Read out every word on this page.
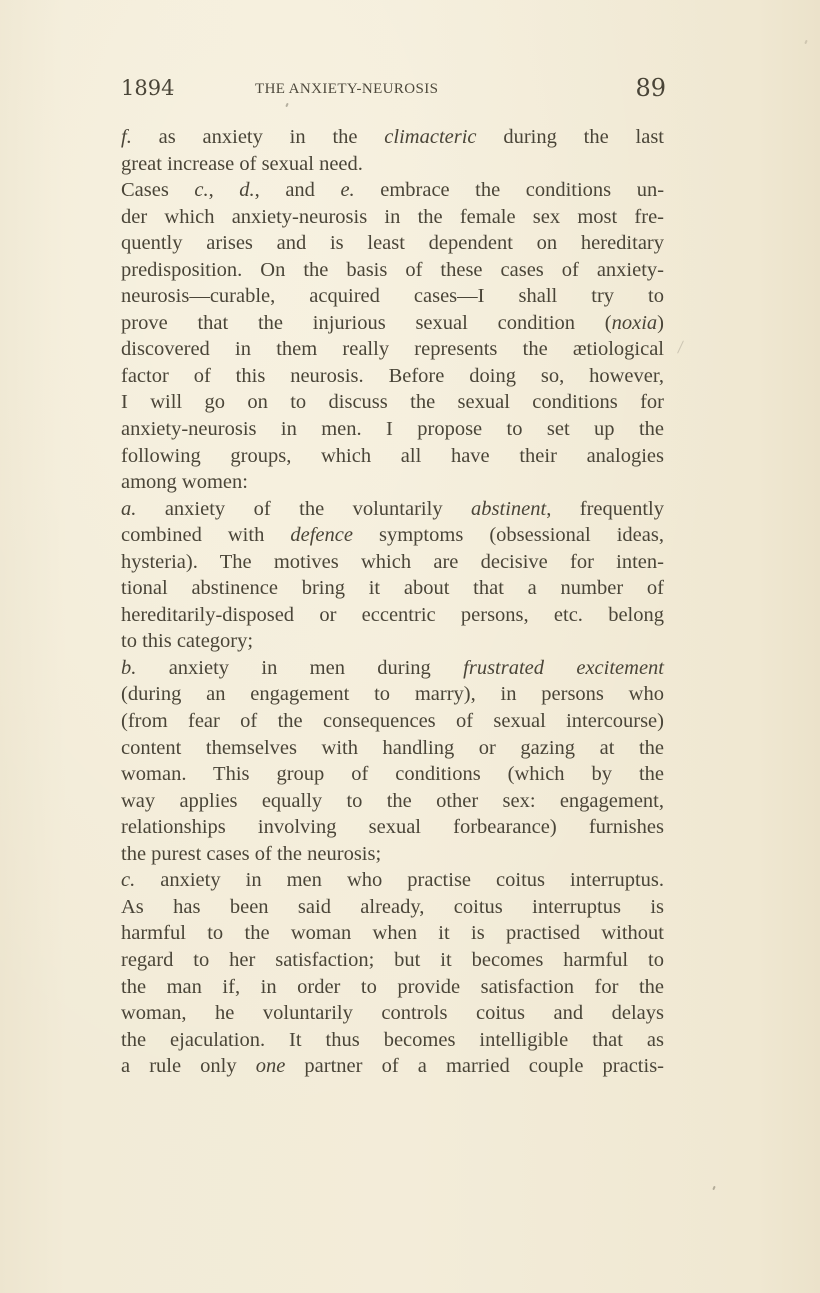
1894	THE ANXIETY-NEUROSIS	89
f. as anxiety in the climacteric during the last
great increase of sexual need.
Cases c., d., and e. embrace the conditions un-
der which anxiety-neurosis in the female sex most fre-
quently arises and is least dependent on hereditary
predisposition. On the basis of these cases of anxiety-
neurosis—curable, acquired cases—I shall try to
prove that the injurious sexual condition (noxia)
discovered in them really represents the ætiological
factor of this neurosis. Before doing so, however,
I will go on to discuss the sexual conditions for
anxiety-neurosis in men. I propose to set up the
following groups, which all have their analogies
among women:
a. anxiety of the voluntarily abstinent, frequently
combined with defence symptoms (obsessional ideas,
hysteria). The motives which are decisive for inten-
tional abstinence bring it about that a number of
hereditarily-disposed or eccentric persons, etc. belong
to this category;
b. anxiety in men during frustrated excitement
(during an engagement to marry), in persons who
(from fear of the consequences of sexual intercourse)
content themselves with handling or gazing at the
woman. This group of conditions (which by the
way applies equally to the other sex: engagement,
relationships involving sexual forbearance) furnishes
the purest cases of the neurosis;
c. anxiety in men who practise coitus interruptus.
As has been said already, coitus interruptus is
harmful to the woman when it is practised without
regard to her satisfaction; but it becomes harmful to
the man if, in order to provide satisfaction for the
woman, he voluntarily controls coitus and delays
the ejaculation. It thus becomes intelligible that as
a rule only one partner of a married couple practis-
